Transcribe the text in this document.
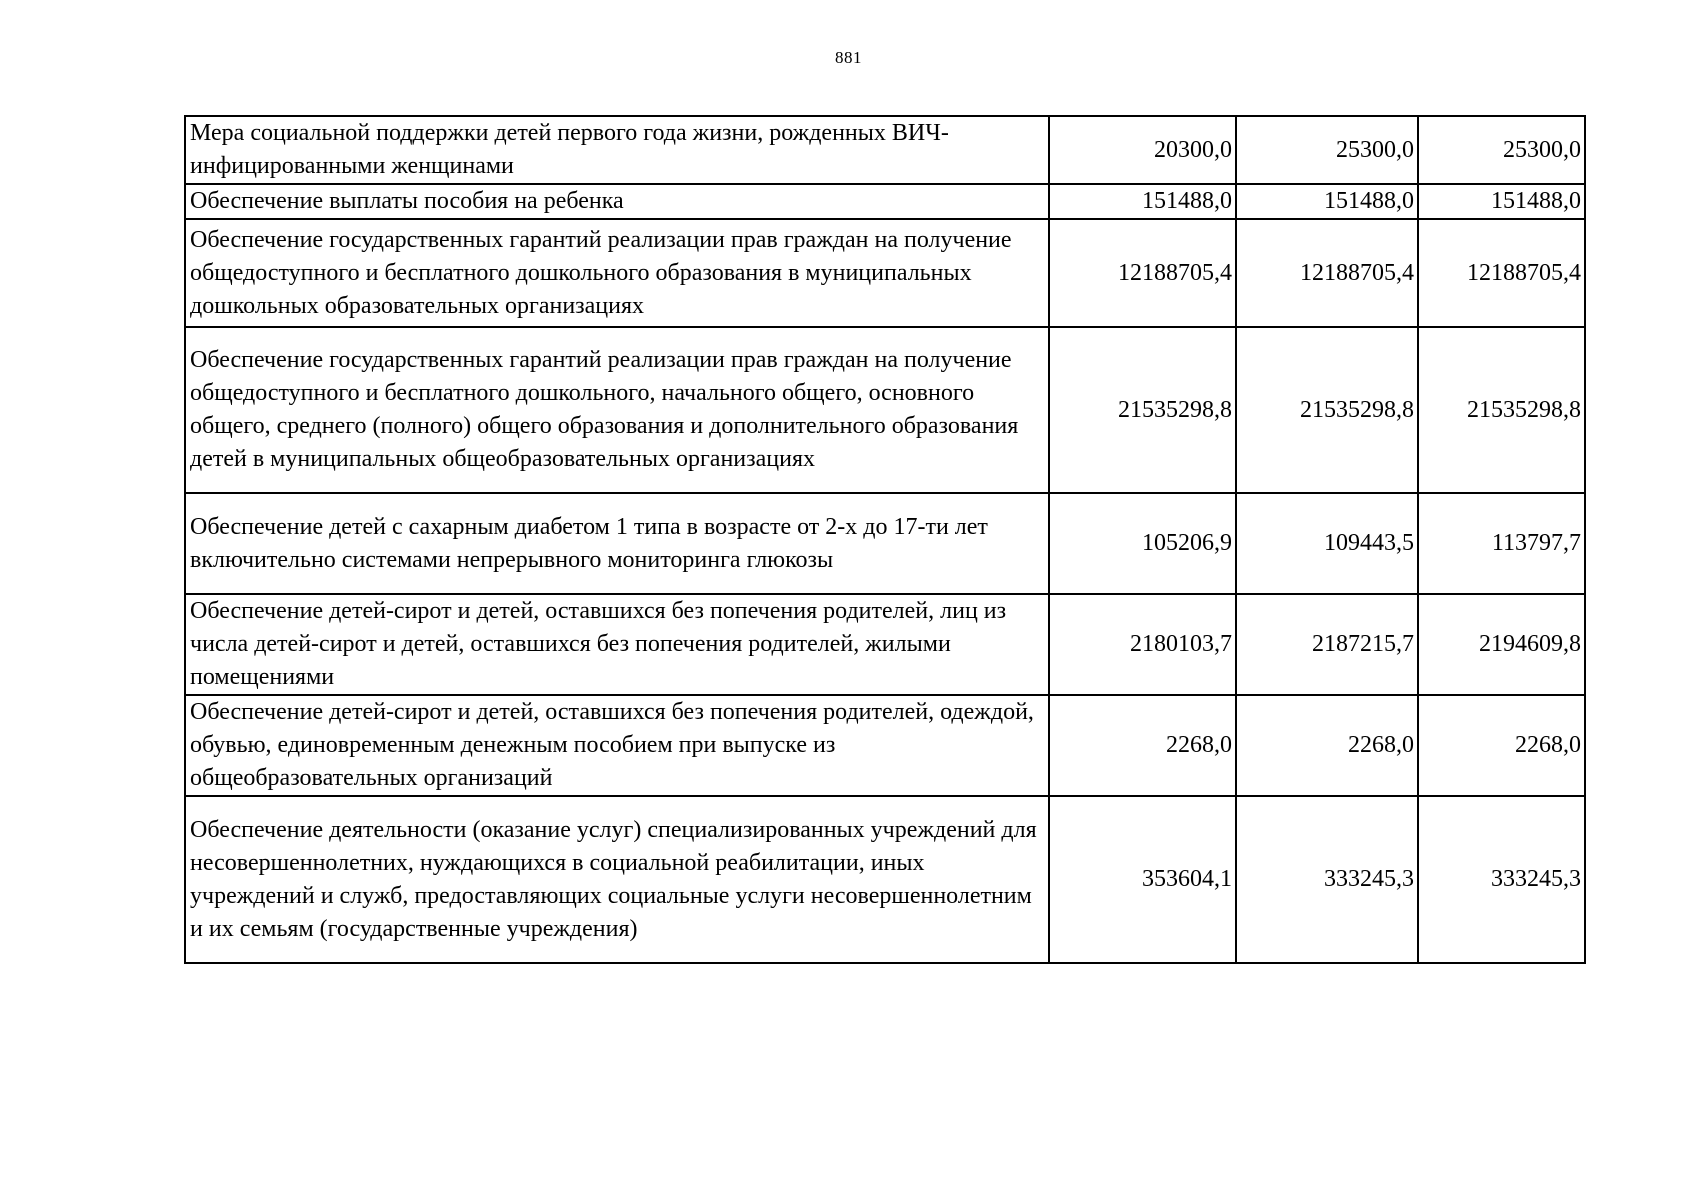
881
Мера социальной поддержки детей первого года жизни, рожденных ВИЧ-инфицированными женщинами	20300,0	25300,0	25300,0
Обеспечение выплаты пособия на ребенка	151488,0	151488,0	151488,0
Обеспечение государственных гарантий реализации прав граждан на получение общедоступного и бесплатного дошкольного образования в муниципальных дошкольных образовательных организациях	12188705,4	12188705,4	12188705,4
Обеспечение государственных гарантий реализации прав граждан на получение общедоступного и бесплатного дошкольного, начального общего, основного общего, среднего (полного) общего образования и дополнительного образования детей в муниципальных общеобразовательных организациях	21535298,8	21535298,8	21535298,8
Обеспечение детей с сахарным диабетом 1 типа в возрасте от 2-х до 17-ти лет включительно системами непрерывного мониторинга глюкозы	105206,9	109443,5	113797,7
Обеспечение детей-сирот и детей, оставшихся без попечения родителей, лиц из числа детей-сирот и детей, оставшихся без попечения родителей, жилыми помещениями	2180103,7	2187215,7	2194609,8
Обеспечение детей-сирот и детей, оставшихся без попечения родителей, одеждой, обувью, единовременным денежным пособием при выпуске из общеобразовательных организаций	2268,0	2268,0	2268,0
Обеспечение деятельности (оказание услуг) специализированных учреждений для несовершеннолетних, нуждающихся в социальной реабилитации, иных учреждений и служб, предоставляющих социальные услуги несовершеннолетним и их семьям (государственные учреждения)	353604,1	333245,3	333245,3
